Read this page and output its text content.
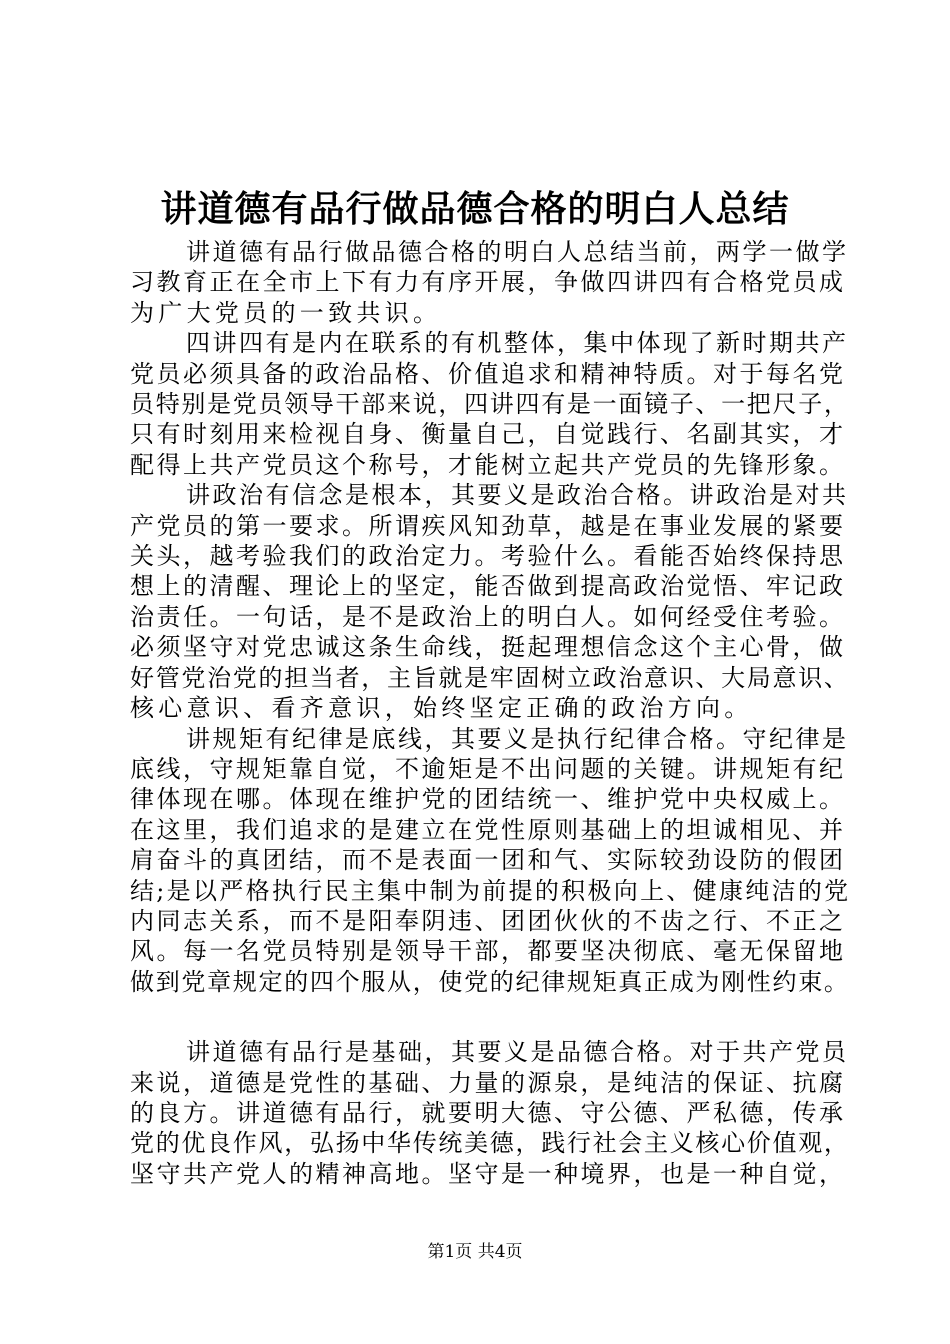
讲道德有品行做品德合格的明白人总结

讲道德有品行做品德合格的明白人总结当前，两学一做学
习教育正在全市上下有力有序开展，争做四讲四有合格党员成
为广大党员的一致共识。

四讲四有是内在联系的有机整体，集中体现了新时期共产
党员必须具备的政治品格、价值追求和精神特质。对于每名党
员特别是党员领导干部来说，四讲四有是一面镜子、一把尺子，
只有时刻用来检视自身、衡量自己，自觉践行、名副其实，才
配得上共产党员这个称号，才能树立起共产党员的先锋形象。

讲政治有信念是根本，其要义是政治合格。讲政治是对共
产党员的第一要求。所谓疾风知劲草，越是在事业发展的紧要
关头，越考验我们的政治定力。考验什么。看能否始终保持思
想上的清醒、理论上的坚定，能否做到提高政治觉悟、牢记政
治责任。一句话，是不是政治上的明白人。如何经受住考验。
必须坚守对党忠诚这条生命线，挺起理想信念这个主心骨，做
好管党治党的担当者，主旨就是牢固树立政治意识、大局意识、
核心意识、看齐意识，始终坚定正确的政治方向。

讲规矩有纪律是底线，其要义是执行纪律合格。守纪律是
底线，守规矩靠自觉，不逾矩是不出问题的关键。讲规矩有纪
律体现在哪。体现在维护党的团结统一、维护党中央权威上。
在这里，我们追求的是建立在党性原则基础上的坦诚相见、并
肩奋斗的真团结，而不是表面一团和气、实际较劲设防的假团
结;是以严格执行民主集中制为前提的积极向上、健康纯洁的党
内同志关系，而不是阳奉阴违、团团伙伙的不齿之行、不正之
风。每一名党员特别是领导干部，都要坚决彻底、毫无保留地
做到党章规定的四个服从，使党的纪律规矩真正成为刚性约束。

讲道德有品行是基础，其要义是品德合格。对于共产党员
来说，道德是党性的基础、力量的源泉，是纯洁的保证、抗腐
的良方。讲道德有品行，就要明大德、守公德、严私德，传承
党的优良作风，弘扬中华传统美德，践行社会主义核心价值观，
坚守共产党人的精神高地。坚守是一种境界，也是一种自觉，

第1页 共4页
